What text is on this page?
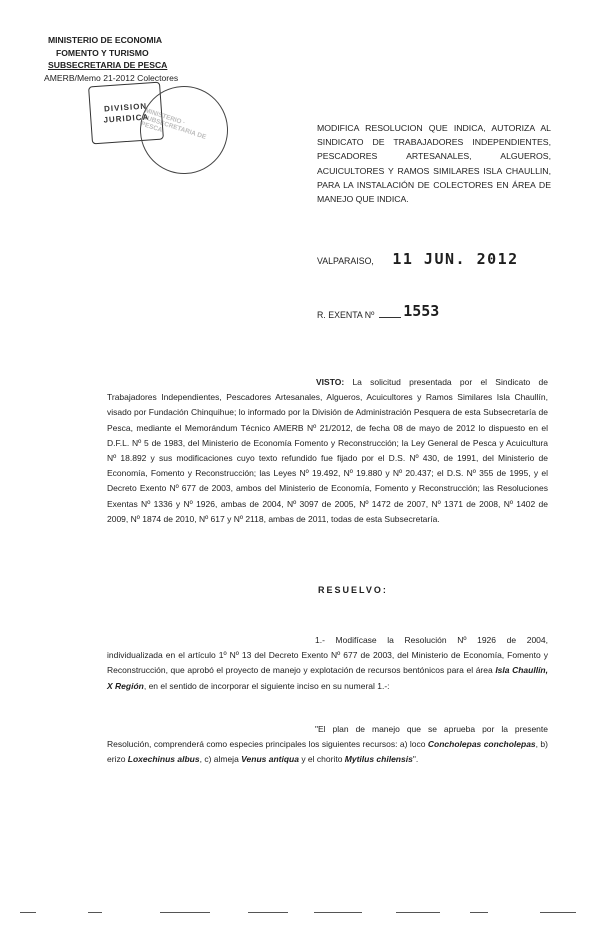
MINISTERIO DE ECONOMIA
FOMENTO Y TURISMO
SUBSECRETARIA DE PESCA
AMERB/Memo 21-2012 Colectores
DIVISION
JURIDICA
MINISTERIO · SUBSECRETARIA DE PESCA	MODIFICA RESOLUCION QUE INDICA, AUTORIZA AL
SINDICATO DE TRABAJADORES INDEPENDIENTES,
PESCADORES ARTESANALES, ALGUEROS,
ACUICULTORES Y RAMOS SIMILARES ISLA CHAULLIN,
PARA LA INSTALACIÓN DE COLECTORES EN ÁREA DE
MANEJO QUE INDICA.
VALPARAISO, 11 JUN. 2012
R. EXENTA Nº 1553
VISTO: La solicitud presentada por el Sindicato de Trabajadores Independientes, Pescadores Artesanales, Algueros, Acuicultores y Ramos Similares Isla Chaullín, visado por Fundación Chinquihue; lo informado por la División de Administración Pesquera de esta Subsecretaría de Pesca, mediante el Memorándum Técnico AMERB Nº 21/2012, de fecha 08 de mayo de 2012 lo dispuesto en el D.F.L. Nº 5 de 1983, del Ministerio de Economía Fomento y Reconstrucción; la Ley General de Pesca y Acuicultura Nº 18.892 y sus modificaciones cuyo texto refundido fue fijado por el D.S. Nº 430, de 1991, del Ministerio de Economía, Fomento y Reconstrucción; las Leyes Nº 19.492, Nº 19.880 y Nº 20.437; el D.S. Nº 355 de 1995, y el Decreto Exento Nº 677 de 2003, ambos del Ministerio de Economía, Fomento y Reconstrucción; las Resoluciones Exentas Nº 1336 y Nº 1926, ambas de 2004, Nº 3097 de 2005, Nº 1472 de 2007, Nº 1371 de 2008, Nº 1402 de 2009, Nº 1874 de 2010, Nº 617 y Nº 2118, ambas de 2011, todas de esta Subsecretaría.
RESUELVO:
1.- Modifícase la Resolución Nº 1926 de 2004, individualizada en el artículo 1º Nº 13 del Decreto Exento Nº 677 de 2003, del Ministerio de Economía, Fomento y Reconstrucción, que aprobó el proyecto de manejo y explotación de recursos bentónicos para el área Isla Chaullín, X Región, en el sentido de incorporar el siguiente inciso en su numeral 1.-:
"El plan de manejo que se aprueba por la presente Resolución, comprenderá como especies principales los siguientes recursos: a) loco Concholepas concholepas, b) erizo Loxechinus albus, c) almeja Venus antiqua y el chorito Mytilus chilensis".
